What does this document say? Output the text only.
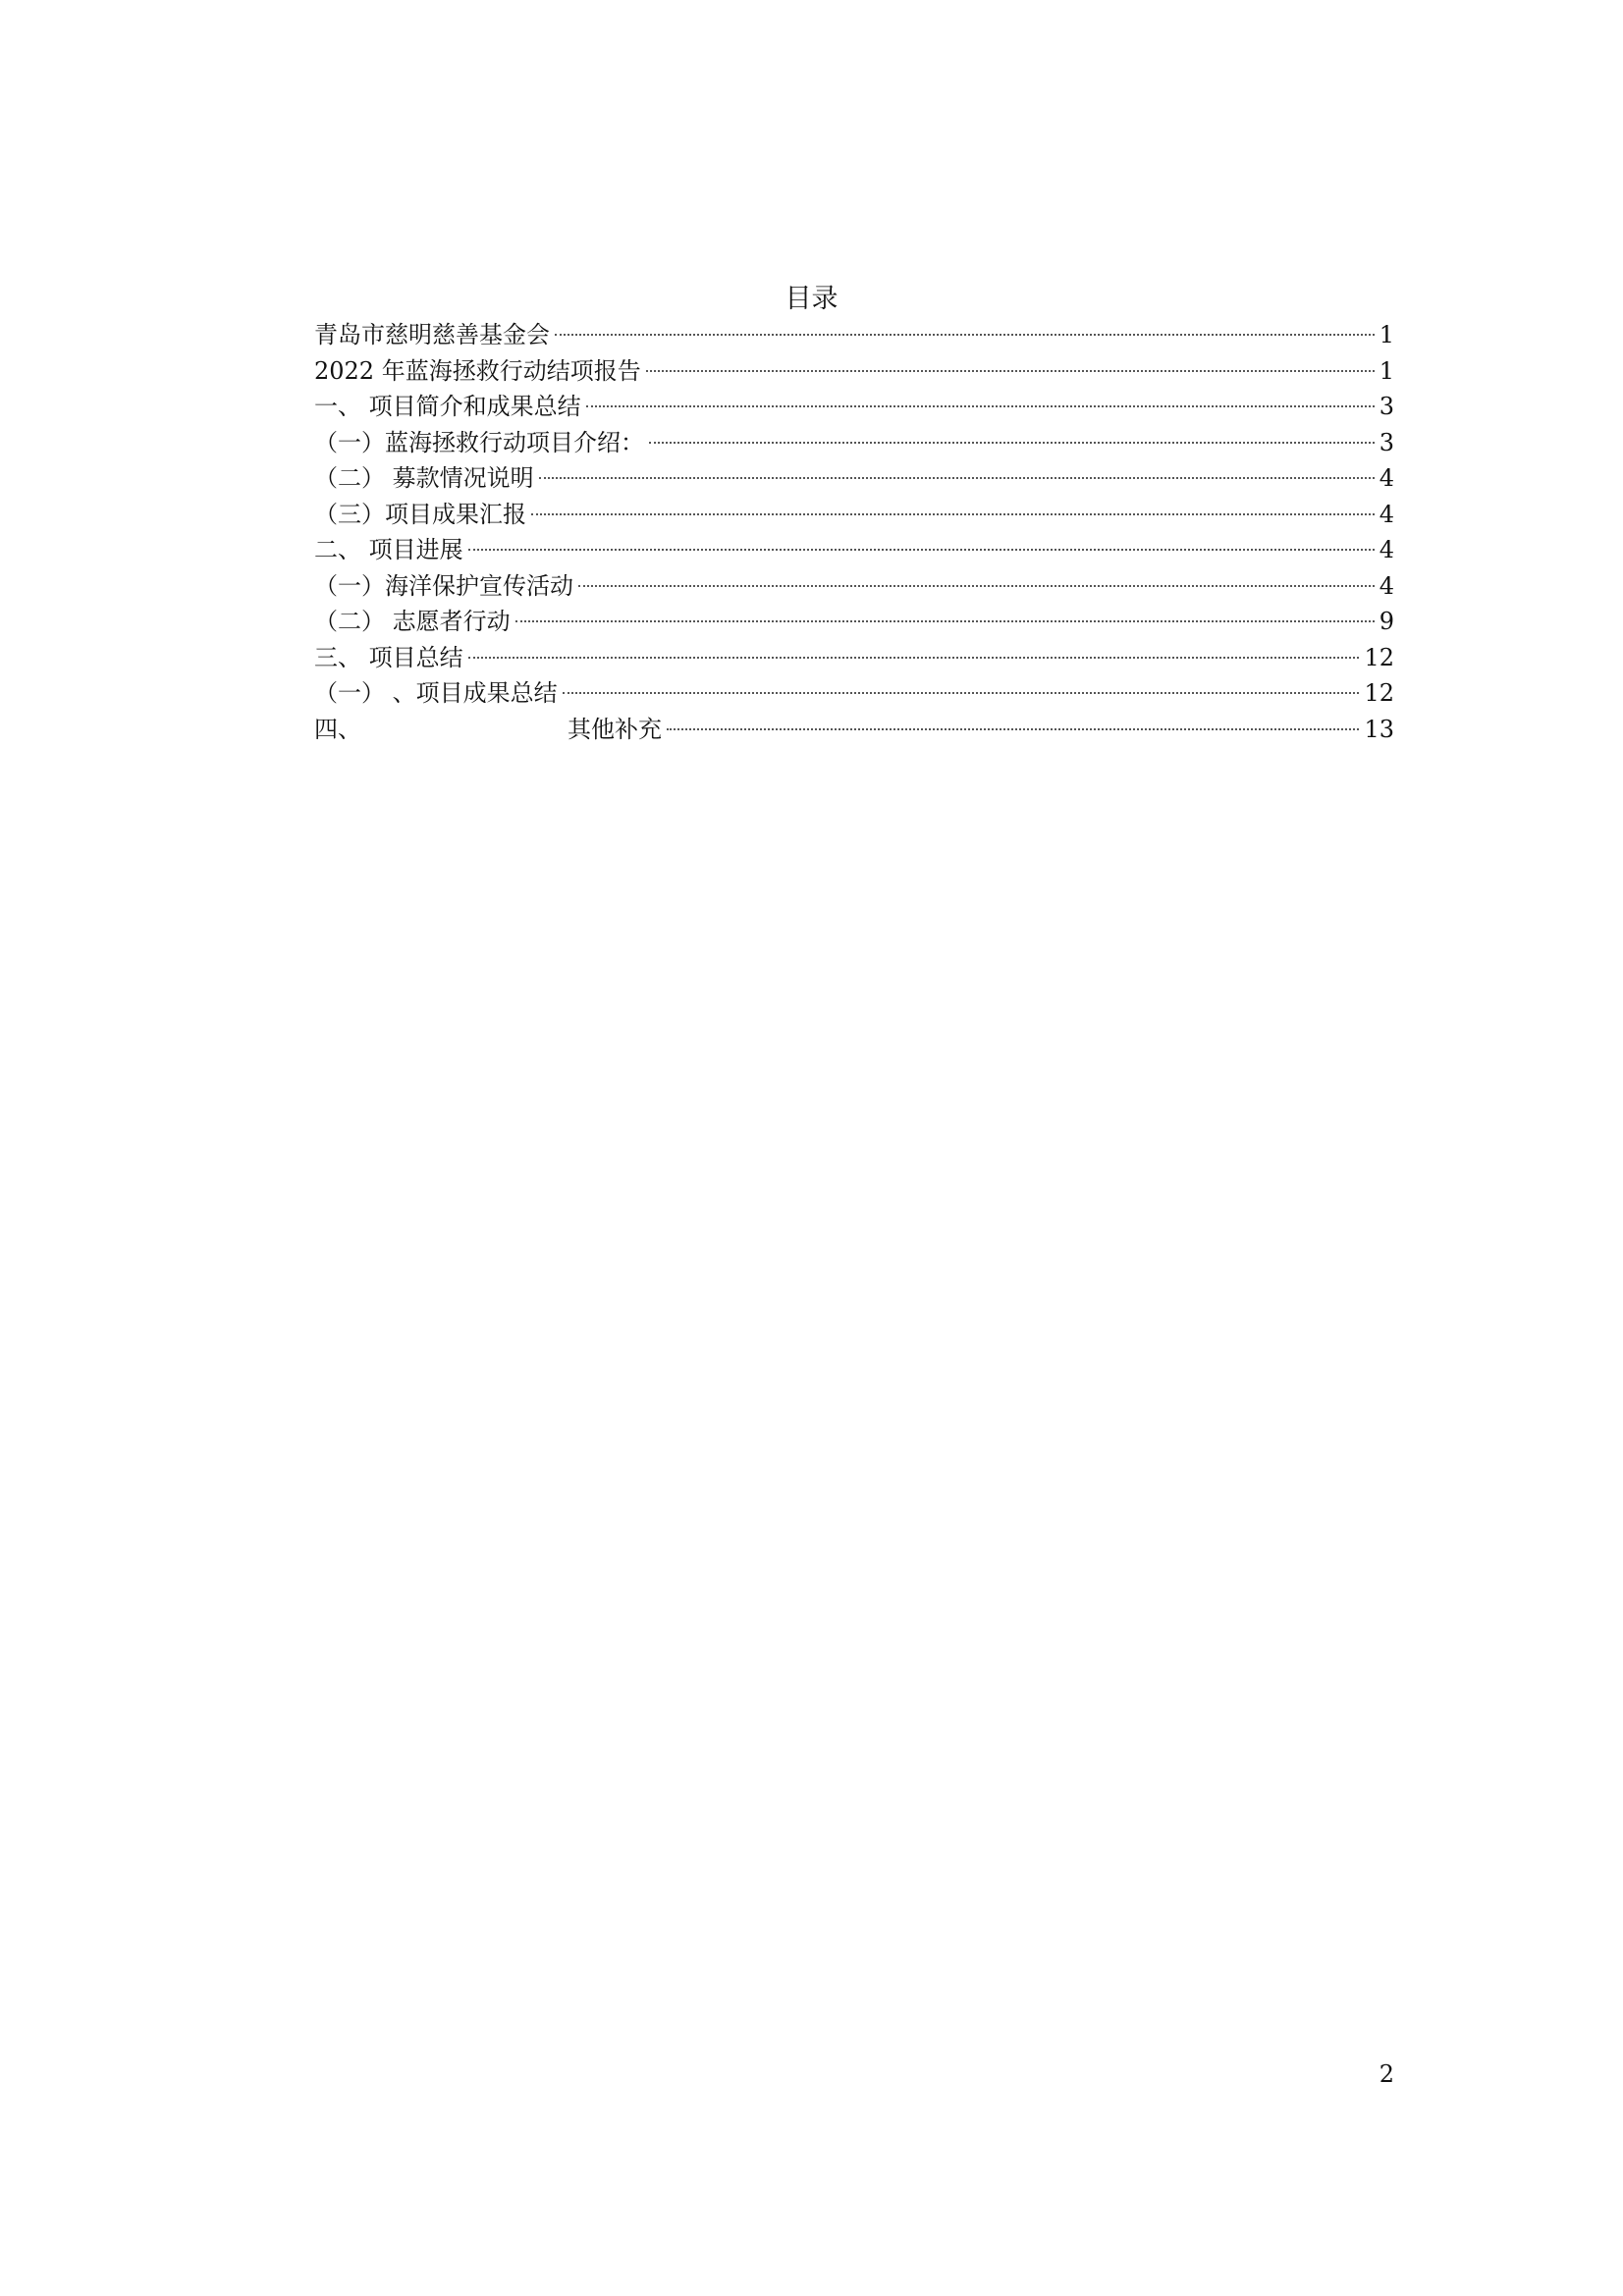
目录
青岛市慈明慈善基金会	1
2022 年蓝海拯救行动结项报告	1
一、 项目简介和成果总结	3
（一）蓝海拯救行动项目介绍：	3
（二） 募款情况说明	4
（三）项目成果汇报	4
二、 项目进展	4
（一）海洋保护宣传活动	4
（二） 志愿者行动	9
三、 项目总结	12
（一） 、项目成果总结	12
四、	其他补充	13
2
